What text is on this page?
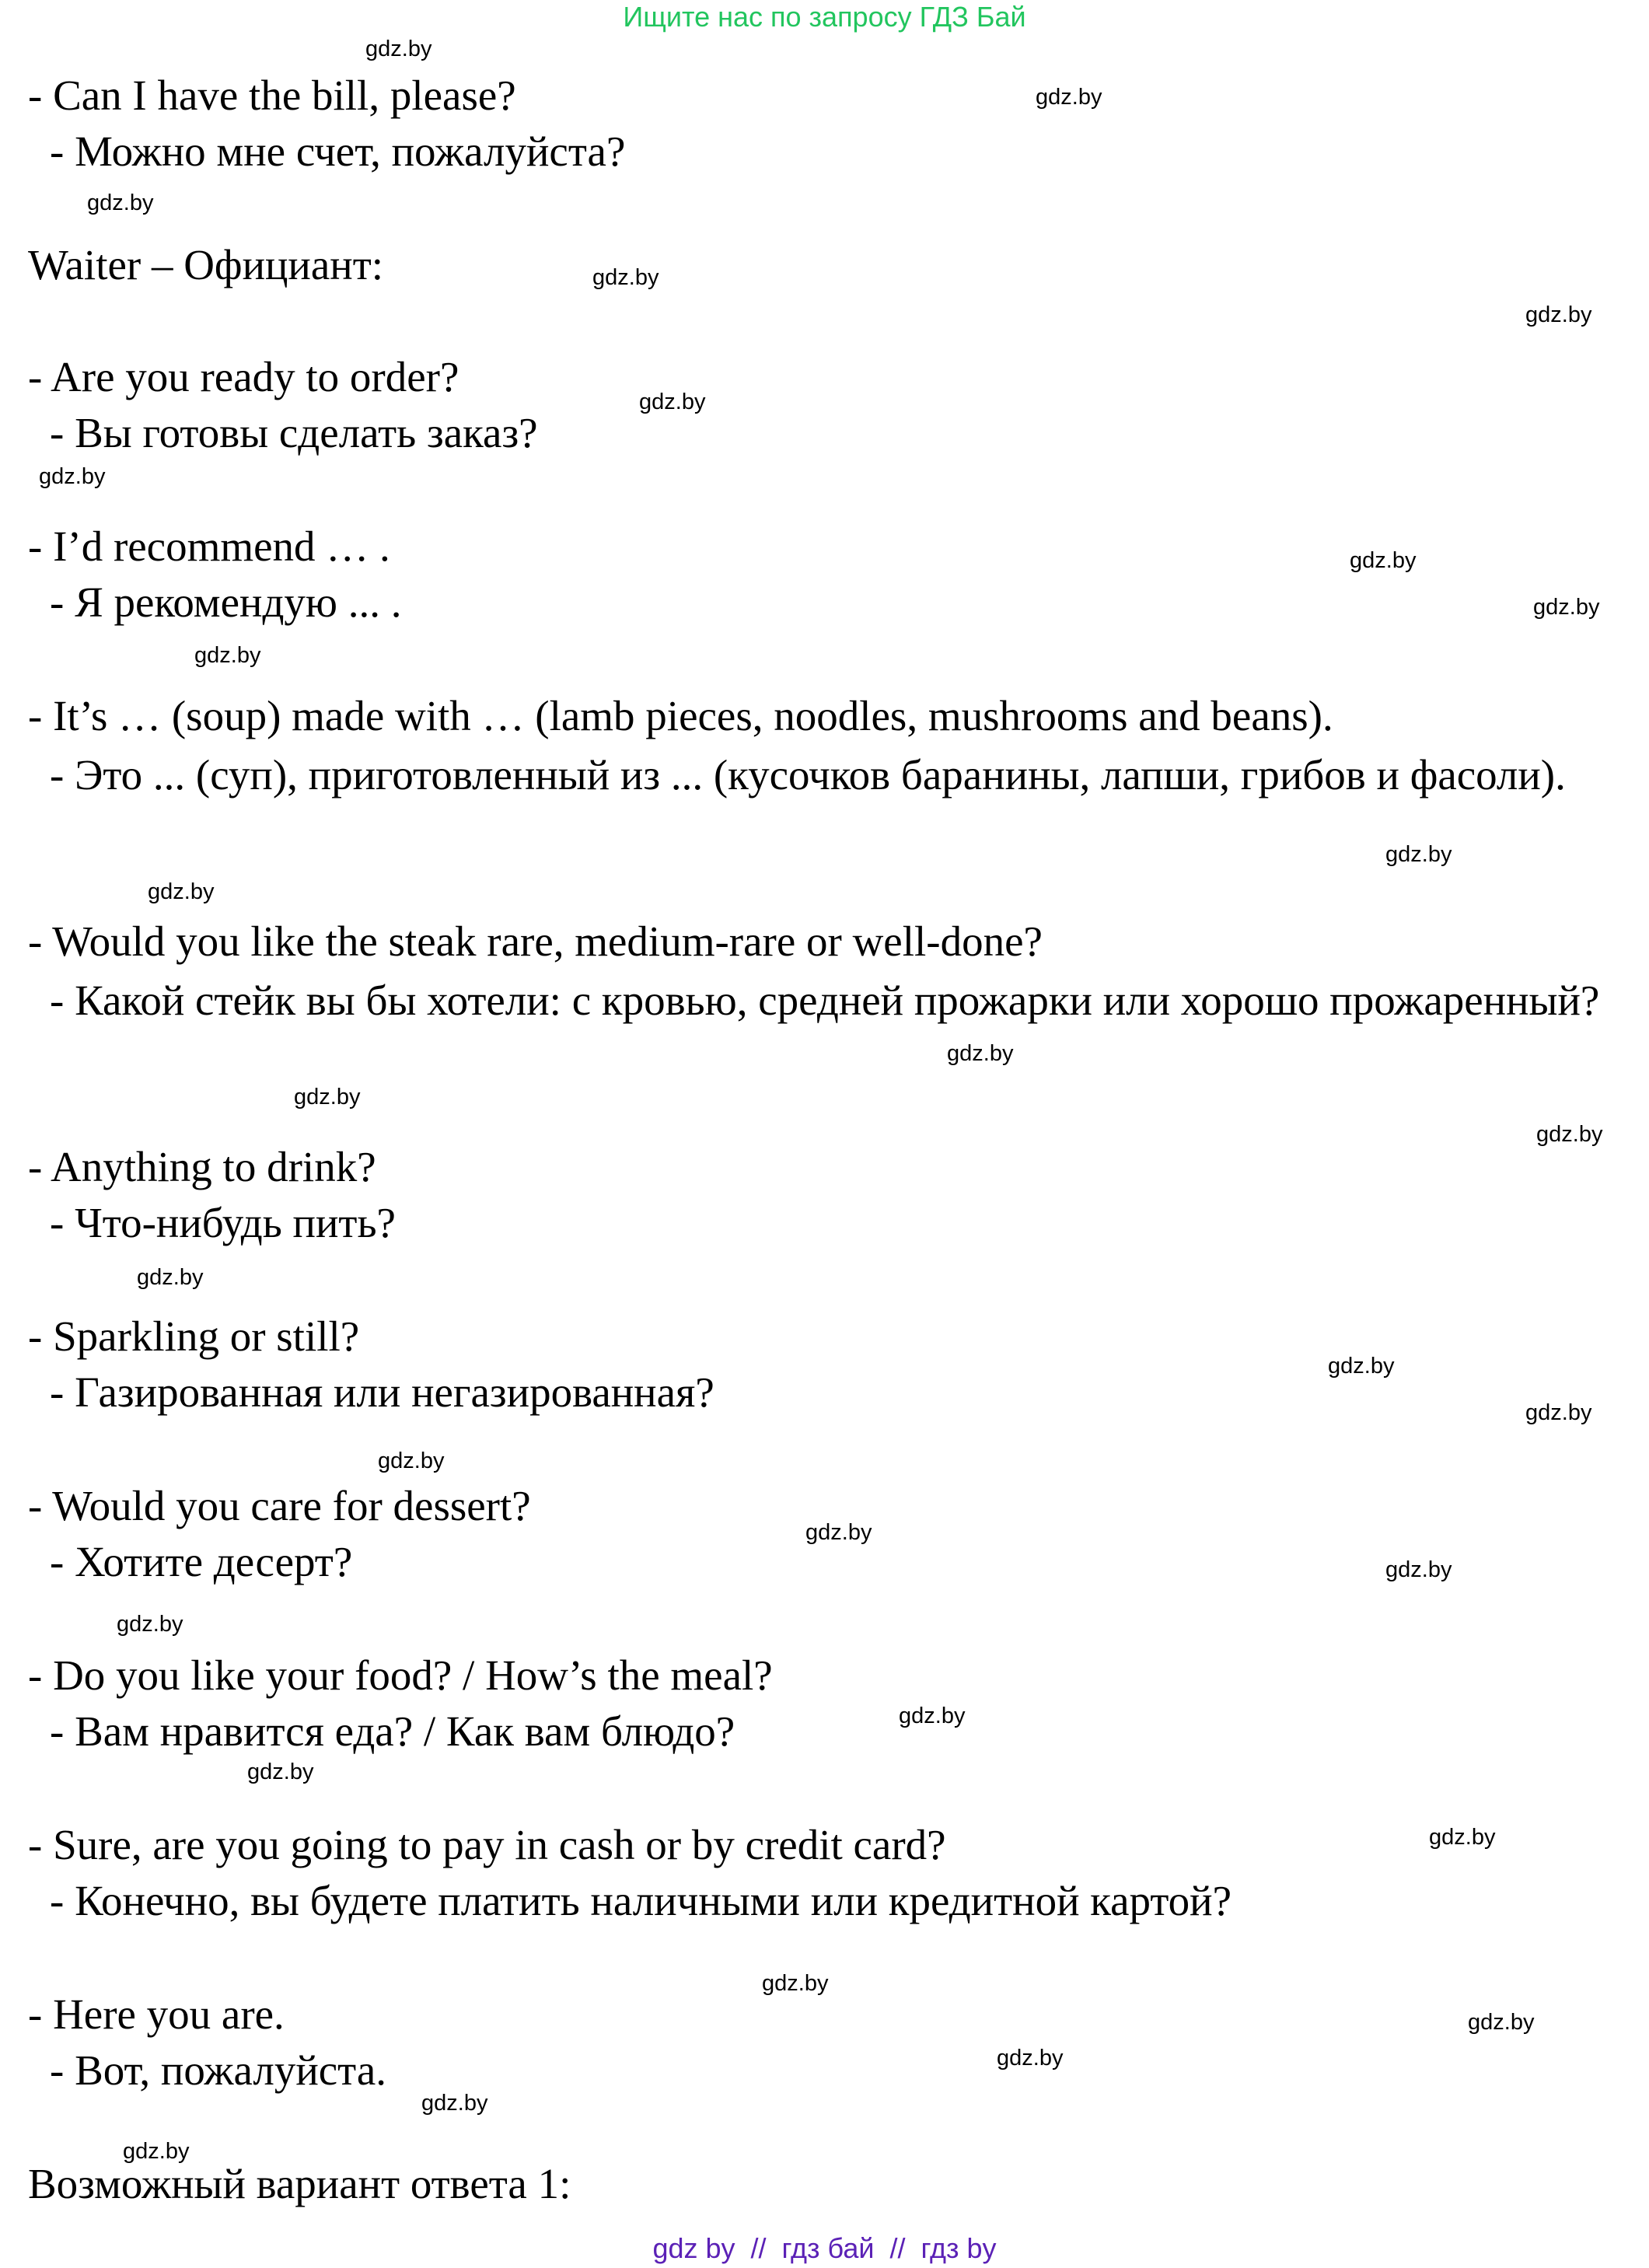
Ищите нас по запросу ГДЗ Бай
- Can I have the bill, please?
- Можно мне счет, пожалуйста?
Waiter – Официант:
- Are you ready to order?
- Вы готовы сделать заказ?
- I’d recommend … .
- Я рекомендую ... .
- It’s … (soup) made with … (lamb pieces, noodles, mushrooms and beans).
- Это ... (суп), приготовленный из ... (кусочков баранины, лапши, грибов и фасоли).
- Would you like the steak rare, medium-rare or well-done?
- Какой стейк вы бы хотели: с кровью, средней прожарки или хорошо прожаренный?
- Anything to drink?
- Что-нибудь пить?
- Sparkling or still?
- Газированная или негазированная?
- Would you care for dessert?
- Хотите десерт?
- Do you like your food? / How’s the meal?
- Вам нравится еда? / Как вам блюдо?
- Sure, are you going to pay in cash or by credit card?
- Конечно, вы будете платить наличными или кредитной картой?
- Here you are.
- Вот, пожалуйста.
Возможный вариант ответа 1:
gdz.by
gdz.by
gdz.by
gdz.by
gdz.by
gdz.by
gdz.by
gdz.by
gdz.by
gdz.by
gdz.by
gdz.by
gdz.by
gdz.by
gdz.by
gdz.by
gdz.by
gdz.by
gdz.by
gdz.by
gdz.by
gdz.by
gdz.by
gdz.by
gdz.by
gdz.by
gdz.by
gdz.by
gdz.by
gdz.by
gdz by  //  гдз бай  //  гдз by
